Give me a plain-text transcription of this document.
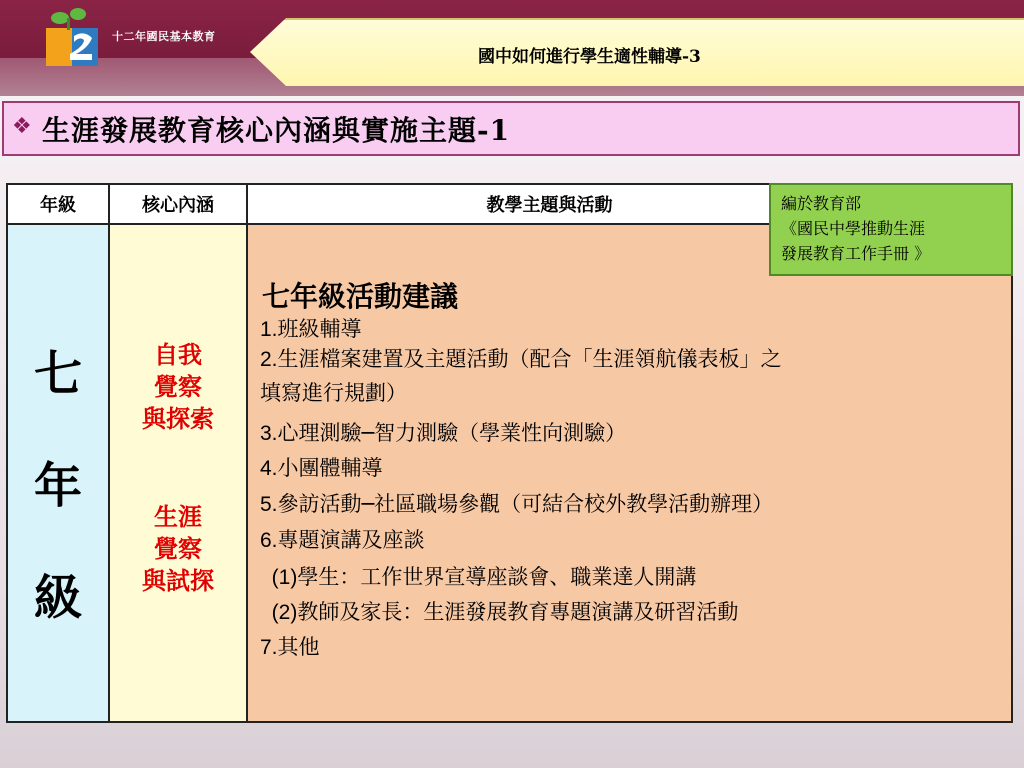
十二年國民基本教育
國中如何進行學生適性輔導-3
❖ 生涯發展教育核心內涵與實施主題-1
年級	核心內涵	教學主題與活動
七
年
級
自我
覺察
與探索
生涯
覺察
與試探
七年級活動建議
1.班級輔導
2.生涯檔案建置及主題活動（配合「生涯領航儀表板」之
填寫進行規劃）
3.心理測驗─智力測驗（學業性向測驗）
4.小團體輔導
5.參訪活動─社區職場參觀（可結合校外教學活動辦理）
6.專題演講及座談
(1)學生：工作世界宣導座談會、職業達人開講
(2)教師及家長：生涯發展教育專題演講及研習活動
7.其他
編於教育部
《國民中學推動生涯
發展教育工作手冊 》
